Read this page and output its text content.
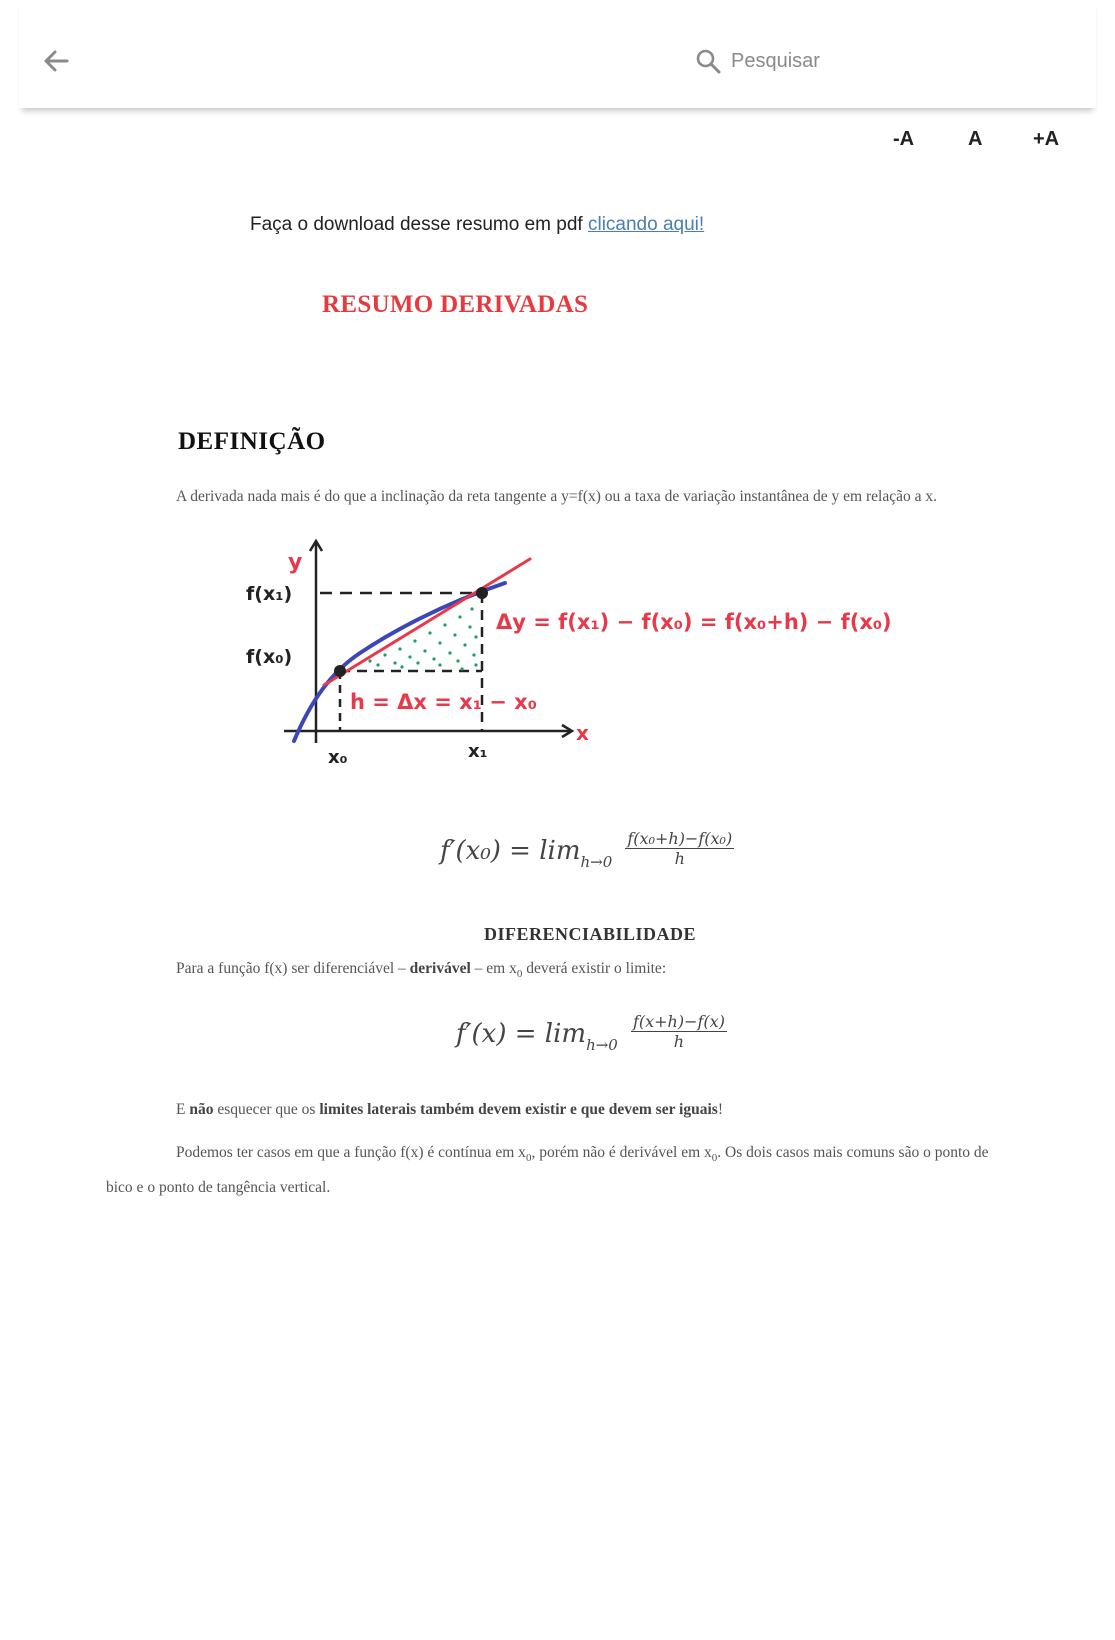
Pesquisar
-A	A	+A
Faça o download desse resumo em pdf clicando aqui!
RESUMO DERIVADAS
DEFINIÇÃO
A derivada nada mais é do que a inclinação da reta tangente a y=f(x) ou a taxa de variação instantânea de y em relação a x.
y
x
f(x₁)
f(x₀)
x₀	x₁
Δy = f(x₁) − f(x₀) = f(x₀+h) − f(x₀)
h = Δx = x₁ − x₀
$f'(x_0) = \lim h\to 0 \frac{\text{f(x₀+h)−f(x₀)}}{h}$
DIFERENCIABILIDADE
Para a função f(x) ser diferenciável – derivável – em $x_0$ deverá existir o limite:
$f'(x) = \lim h\to 0 \frac{f(x+h)-f(x)}{h}$
E não esquecer que os limites laterais também devem existir e que devem ser iguais!
Podemos ter casos em que a função f(x) é contínua em $x_0$, porém não é derivável em $x_0$. Os dois casos mais comuns são o ponto de bico e o ponto de tangência vertical.
